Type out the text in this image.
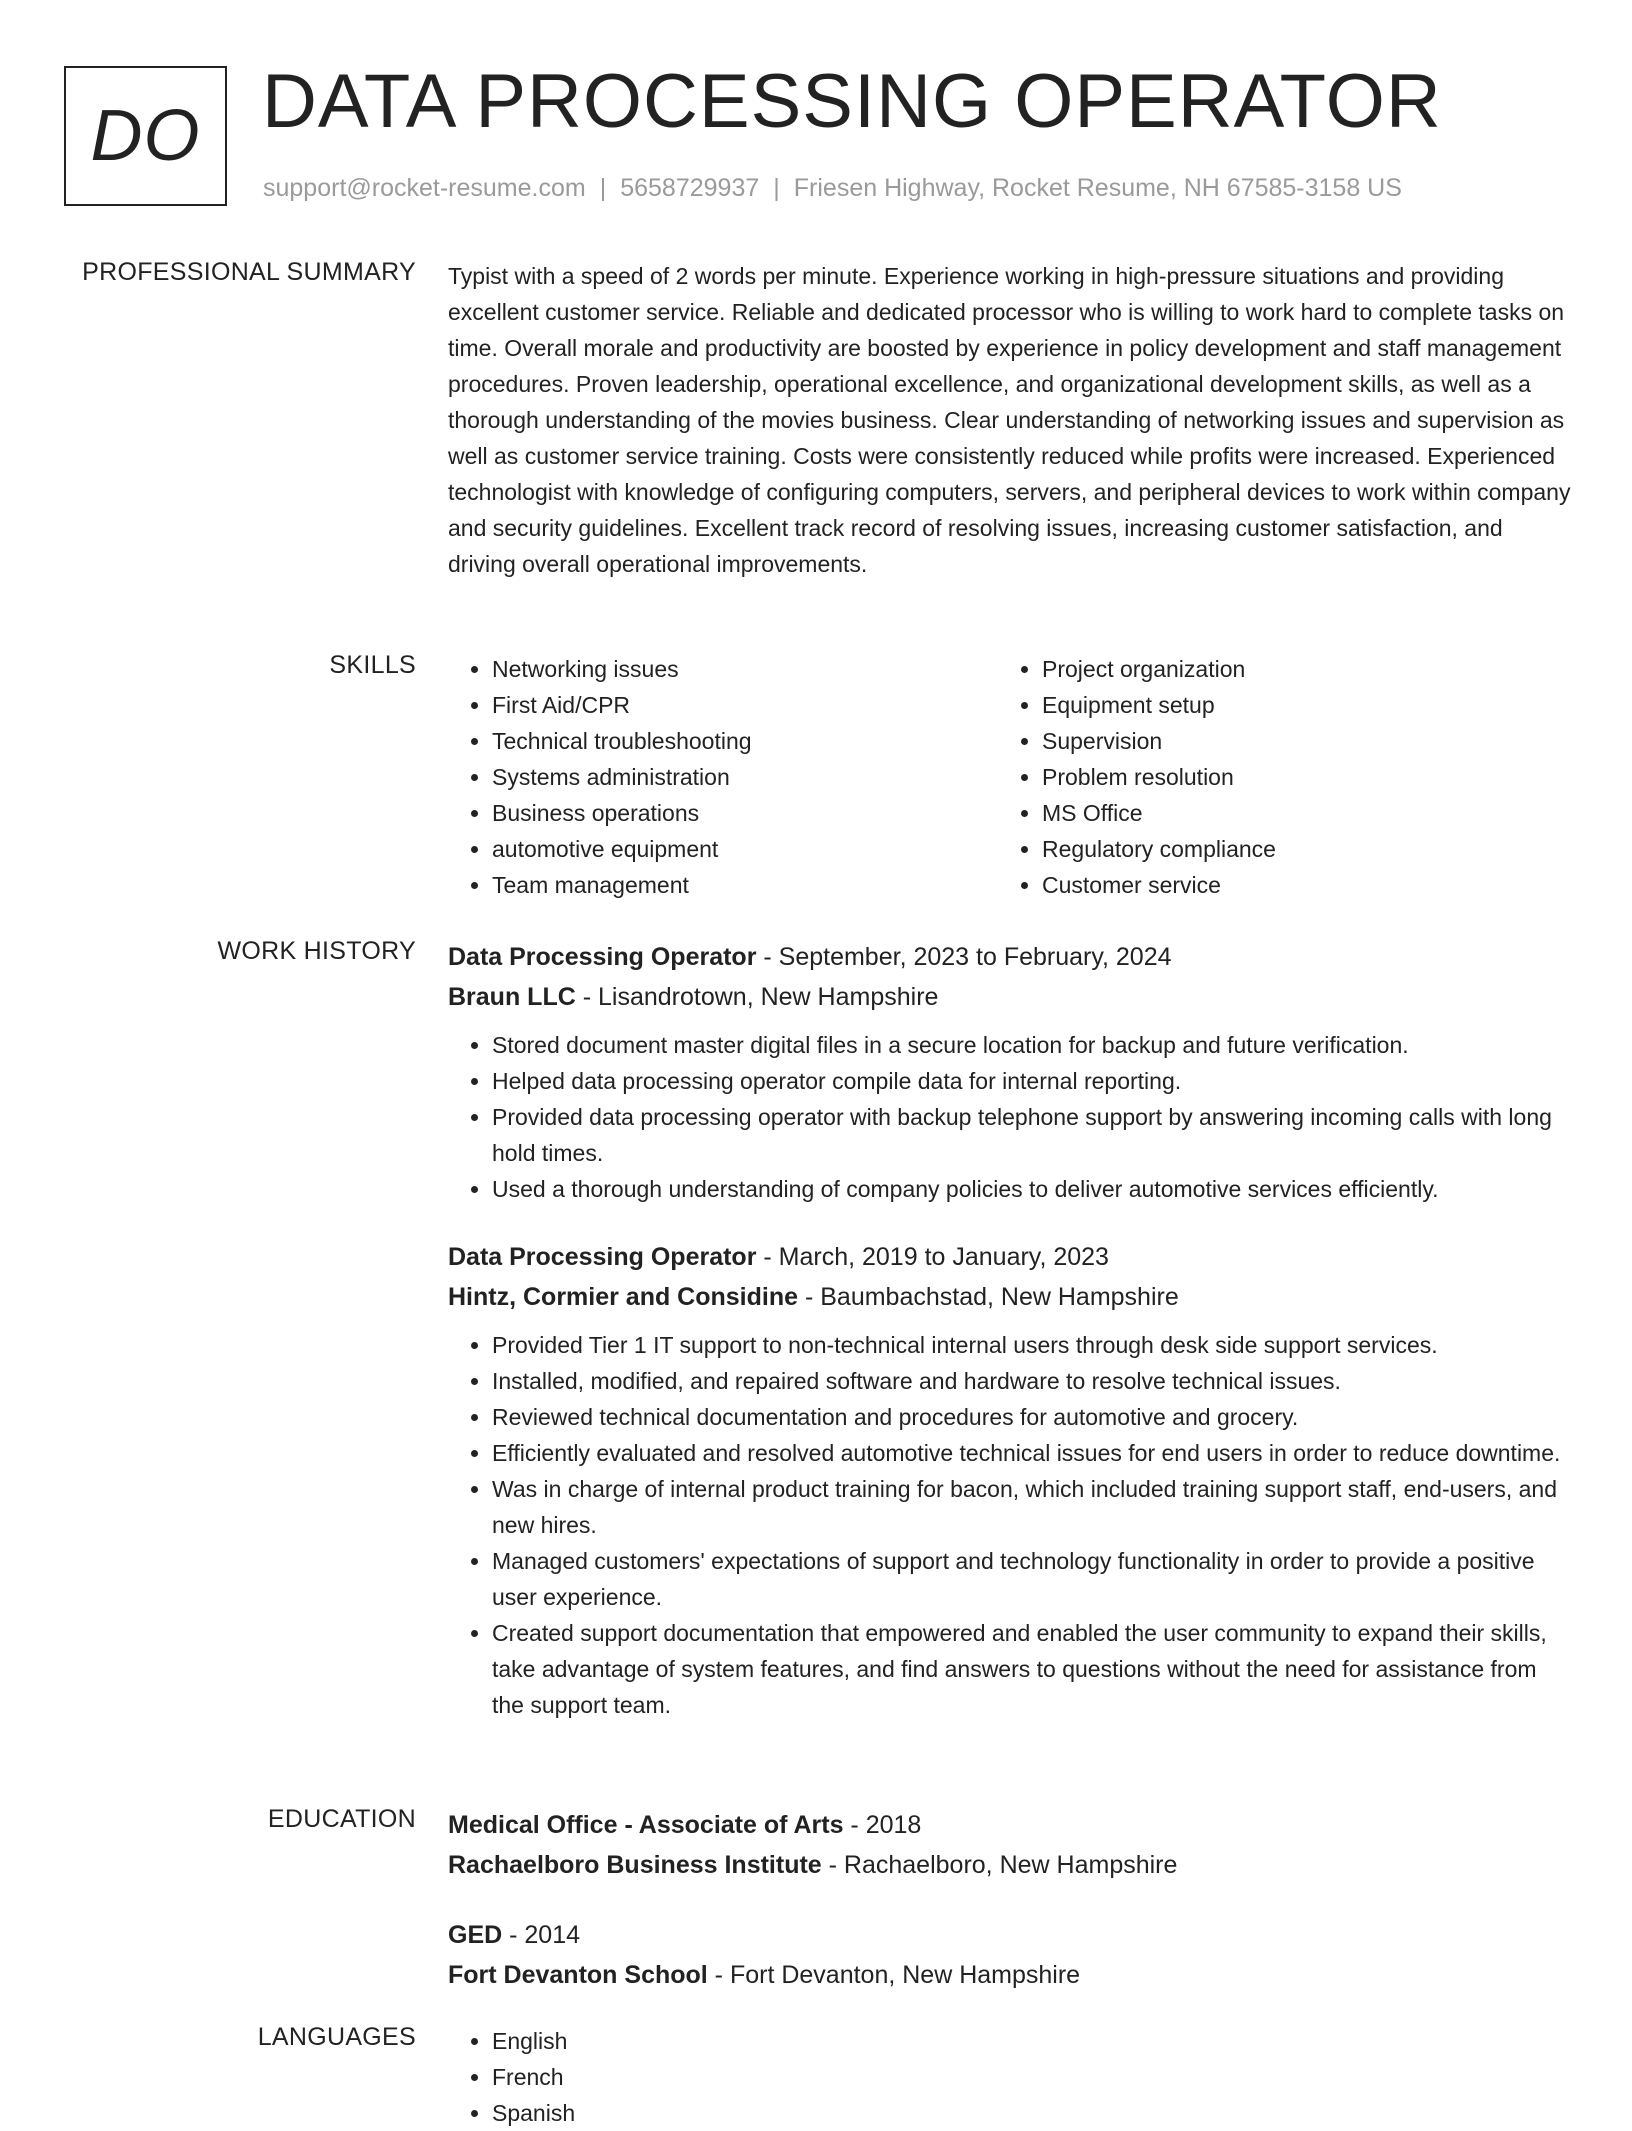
DO DATA PROCESSING OPERATOR
support@rocket-resume.com | 5658729937 | Friesen Highway, Rocket Resume, NH 67585-3158 US
PROFESSIONAL SUMMARY Typist with a speed of 2 words per minute. Experience working in high-pressure situations and providing excellent customer service. Reliable and dedicated processor who is willing to work hard to complete tasks on time. Overall morale and productivity are boosted by experience in policy development and staff management procedures. Proven leadership, operational excellence, and organizational development skills, as well as a thorough understanding of the movies business. Clear understanding of networking issues and supervision as well as customer service training. Costs were consistently reduced while profits were increased. Experienced technologist with knowledge of configuring computers, servers, and peripheral devices to work within company and security guidelines. Excellent track record of resolving issues, increasing customer satisfaction, and driving overall operational improvements.

SKILLS	• Networking issues
• First Aid/CPR
• Technical troubleshooting
• Systems administration
• Business operations
• automotive equipment
• Team management
• Project organization
• Equipment setup
• Supervision
• Problem resolution
• MS Office
• Regulatory compliance
• Customer service
WORK HISTORY Data Processing Operator - September, 2023 to February, 2024
Braun LLC - Lisandrotown, New Hampshire
• Stored document master digital files in a secure location for backup and future verification.
• Helped data processing operator compile data for internal reporting.
• Provided data processing operator with backup telephone support by answering incoming calls with long hold times.
• Used a thorough understanding of company policies to deliver automotive services efficiently.
Data Processing Operator - March, 2019 to January, 2023
Hintz, Cormier and Considine - Baumbachstad, New Hampshire
• Provided Tier 1 IT support to non-technical internal users through desk side support services.
• Installed, modified, and repaired software and hardware to resolve technical issues.
• Reviewed technical documentation and procedures for automotive and grocery.
• Efficiently evaluated and resolved automotive technical issues for end users in order to reduce downtime.
• Was in charge of internal product training for bacon, which included training support staff, end-users, and new hires.
• Managed customers' expectations of support and technology functionality in order to provide a positive user experience.
• Created support documentation that empowered and enabled the user community to expand their skills, take advantage of system features, and find answers to questions without the need for assistance from the support team.
EDUCATION Medical Office - Associate of Arts - 2018
Rachaelboro Business Institute - Rachaelboro, New Hampshire
GED - 2014
Fort Devanton School - Fort Devanton, New Hampshire
LANGUAGES	• English
• French
• Spanish
